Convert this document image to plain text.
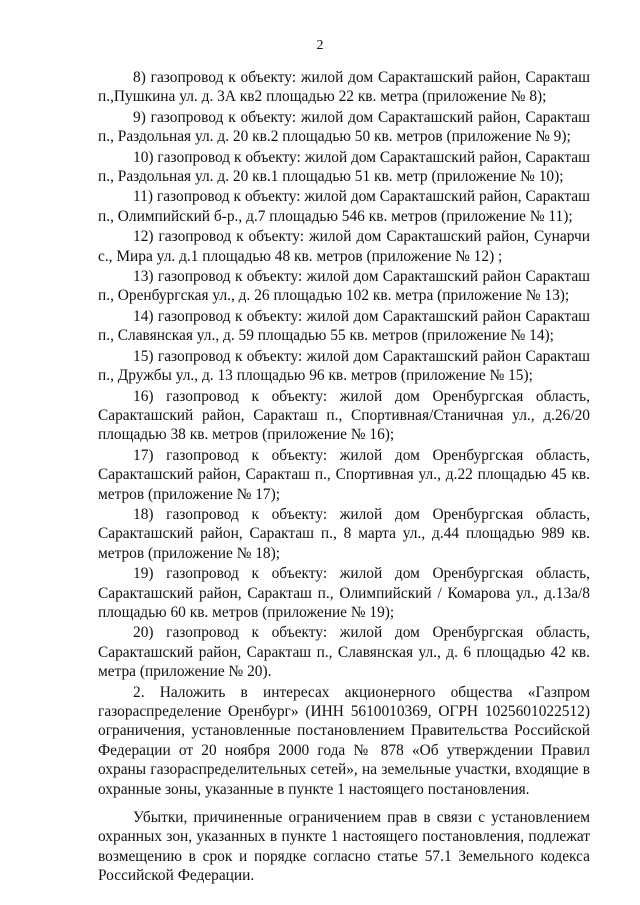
2

8) газопровод к объекту: жилой дом Саракташский район, Саракташ п.,Пушкина ул. д. 3А кв2 площадью 22 кв. метра (приложение № 8);

9) газопровод к объекту: жилой дом Саракташский район, Саракташ п., Раздольная ул. д. 20 кв.2 площадью 50 кв. метров (приложение № 9);

10) газопровод к объекту: жилой дом Саракташский район, Саракташ п., Раздольная ул. д. 20 кв.1 площадью 51 кв. метр (приложение № 10);

11) газопровод к объекту: жилой дом Саракташский район, Саракташ п., Олимпийский б-р., д.7 площадью 546 кв. метров (приложение № 11);

12) газопровод к объекту: жилой дом Саракташский район, Сунарчи с., Мира ул. д.1 площадью 48 кв. метров (приложение № 12) ;

13) газопровод к объекту: жилой дом Саракташский район Саракташ п., Оренбургская ул., д. 26 площадью 102 кв. метра (приложение № 13);

14) газопровод к объекту: жилой дом Саракташский район Саракташ п., Славянская ул., д. 59 площадью 55 кв. метров (приложение № 14);

15) газопровод к объекту: жилой дом Саракташский район Саракташ п., Дружбы ул., д. 13 площадью 96 кв. метров (приложение № 15);

16) газопровод к объекту: жилой дом Оренбургская область, Саракташский район, Саракташ п., Спортивная/Станичная ул., д.26/20 площадью 38 кв. метров (приложение № 16);

17) газопровод к объекту: жилой дом Оренбургская область, Саракташский район, Саракташ п., Спортивная ул., д.22 площадью 45 кв. метров (приложение № 17);

18) газопровод к объекту: жилой дом Оренбургская область, Саракташский район, Саракташ п., 8 марта ул., д.44 площадью 989 кв. метров (приложение № 18);

19) газопровод к объекту: жилой дом Оренбургская область, Саракташский район, Саракташ п., Олимпийский / Комарова ул., д.13а/8 площадью 60 кв. метров (приложение № 19);

20) газопровод к объекту: жилой дом Оренбургская область, Саракташский район, Саракташ п., Славянская ул., д. 6 площадью 42 кв. метра (приложение № 20).

2. Наложить в интересах акционерного общества «Газпром газораспределение Оренбург» (ИНН 5610010369, ОГРН 1025601022512) ограничения, установленные постановлением Правительства Российской Федерации от 20 ноября 2000 года № 878 «Об утверждении Правил охраны газораспределительных сетей», на земельные участки, входящие в охранные зоны, указанные в пункте 1 настоящего постановления.

Убытки, причиненные ограничением прав в связи с установлением охранных зон, указанных в пункте 1 настоящего постановления, подлежат возмещению в срок и порядке согласно статье 57.1 Земельного кодекса Российской Федерации.
